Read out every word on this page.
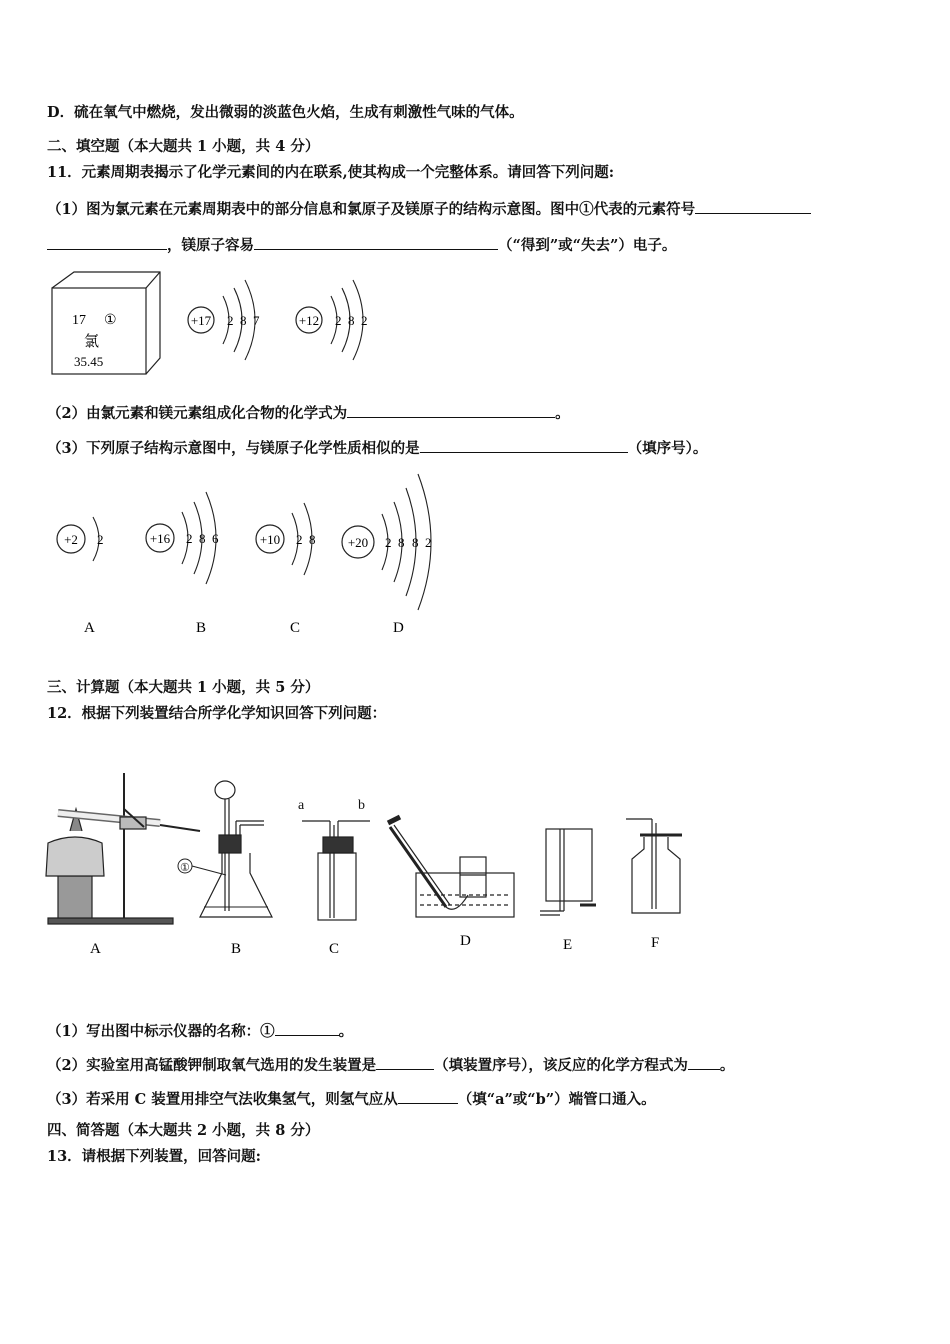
D．硫在氧气中燃烧，发出微弱的淡蓝色火焰，生成有刺激性气味的气体。
二、填空题（本大题共 1 小题，共 4 分）
11．元素周期表揭示了化学元素间的内在联系,使其构成一个完整体系。请回答下列问题:
（1）图为氯元素在元素周期表中的部分信息和氯原子及镁原子的结构示意图。图中①代表的元素符号
，镁原子容易	（“得到”或“失去”）电子。
17 ①
氯
35.45
+17 2 8 7	+12 2 8 2
（2）由氯元素和镁元素组成化合物的化学式为	。
（3）下列原子结构示意图中，与镁原子化学性质相似的是	（填序号）。
+2 2	+16 2 8 6	+10 2 8 +20 2 8 8 2
A	B	C	D
三、计算题（本大题共 1 小题，共 5 分）
12．根据下列装置结合所学化学知识回答下列问题：
①
a	b
A	B	C	D	E	F
（1）写出图中标示仪器的名称：①	。
（2）实验室用高锰酸钾制取氧气选用的发生装置是	（填装置序号），该反应的化学方程式为 。
（3）若采用 C 装置用排空气法收集氢气，则氢气应从	（填“a”或“b”）端管口通入。
四、简答题（本大题共 2 小题，共 8 分）
13．请根据下列装置，回答问题:
